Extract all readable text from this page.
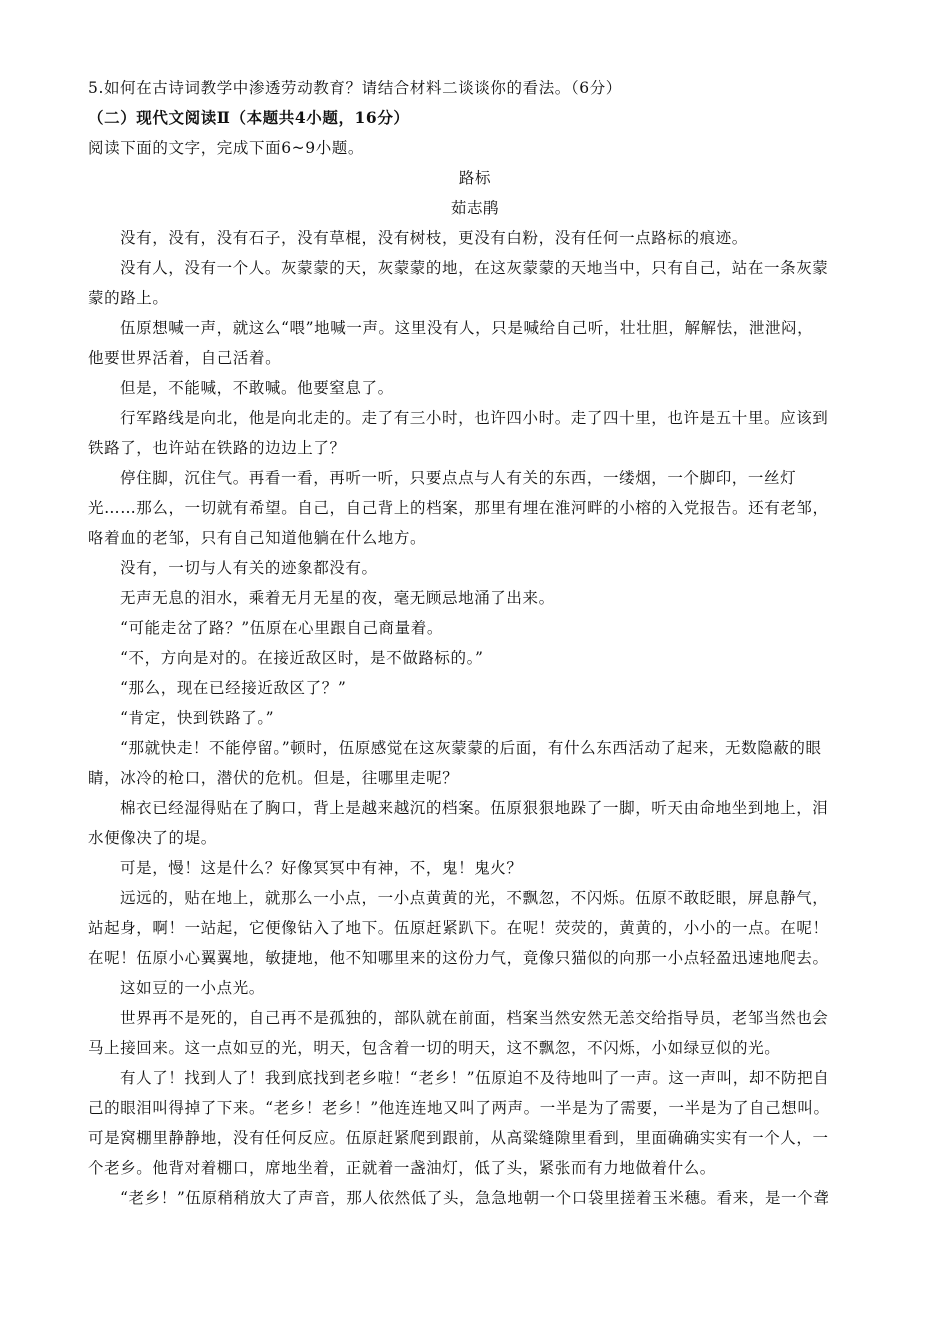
5.如何在古诗词教学中渗透劳动教育？请结合材料二谈谈你的看法。（6分）
（二）现代文阅读Ⅱ（本题共4小题，16分）
阅读下面的文字，完成下面6~9小题。
路标
茹志鹃
没有，没有，没有石子，没有草棍，没有树枝，更没有白粉，没有任何一点路标的痕迹。
没有人，没有一个人。灰蒙蒙的天，灰蒙蒙的地，在这灰蒙蒙的天地当中，只有自己，站在一条灰蒙
蒙的路上。
伍原想喊一声，就这么“喂”地喊一声。这里没有人，只是喊给自己听，壮壮胆，解解怯，泄泄闷，
他要世界活着，自己活着。
但是，不能喊，不敢喊。他要窒息了。
行军路线是向北，他是向北走的。走了有三小时，也许四小时。走了四十里，也许是五十里。应该到
铁路了，也许站在铁路的边边上了？
停住脚，沉住气。再看一看，再听一听，只要点点与人有关的东西，一缕烟，一个脚印，一丝灯
光……那么，一切就有希望。自己，自己背上的档案，那里有埋在淮河畔的小榕的入党报告。还有老邹，
咯着血的老邹，只有自己知道他躺在什么地方。
没有，一切与人有关的迹象都没有。
无声无息的泪水，乘着无月无星的夜，毫无顾忌地涌了出来。
“可能走岔了路？”伍原在心里跟自己商量着。
“不，方向是对的。在接近敌区时，是不做路标的。”
“那么，现在已经接近敌区了？”
“肯定，快到铁路了。”
“那就快走！不能停留。”顿时，伍原感觉在这灰蒙蒙的后面，有什么东西活动了起来，无数隐蔽的眼
睛，冰冷的枪口，潜伏的危机。但是，往哪里走呢？
棉衣已经湿得贴在了胸口，背上是越来越沉的档案。伍原狠狠地跺了一脚，听天由命地坐到地上，泪
水便像决了的堤。
可是，慢！这是什么？好像冥冥中有神，不，鬼！鬼火？
远远的，贴在地上，就那么一小点，一小点黄黄的光，不飘忽，不闪烁。伍原不敢眨眼，屏息静气，
站起身，啊！一站起，它便像钻入了地下。伍原赶紧趴下。在呢！荧荧的，黄黄的，小小的一点。在呢！
在呢！伍原小心翼翼地，敏捷地，他不知哪里来的这份力气，竟像只猫似的向那一小点轻盈迅速地爬去。
这如豆的一小点光。
世界再不是死的，自己再不是孤独的，部队就在前面，档案当然安然无恙交给指导员，老邹当然也会
马上接回来。这一点如豆的光，明天，包含着一切的明天，这不飘忽，不闪烁，小如绿豆似的光。
有人了！找到人了！我到底找到老乡啦！“老乡！”伍原迫不及待地叫了一声。这一声叫，却不防把自
己的眼泪叫得掉了下来。“老乡！老乡！”他连连地又叫了两声。一半是为了需要，一半是为了自己想叫。
可是窝棚里静静地，没有任何反应。伍原赶紧爬到跟前，从高粱缝隙里看到，里面确确实实有一个人，一
个老乡。他背对着棚口，席地坐着，正就着一盏油灯，低了头，紧张而有力地做着什么。
“老乡！”伍原稍稍放大了声音，那人依然低了头，急急地朝一个口袋里搓着玉米穗。看来，是一个聋
